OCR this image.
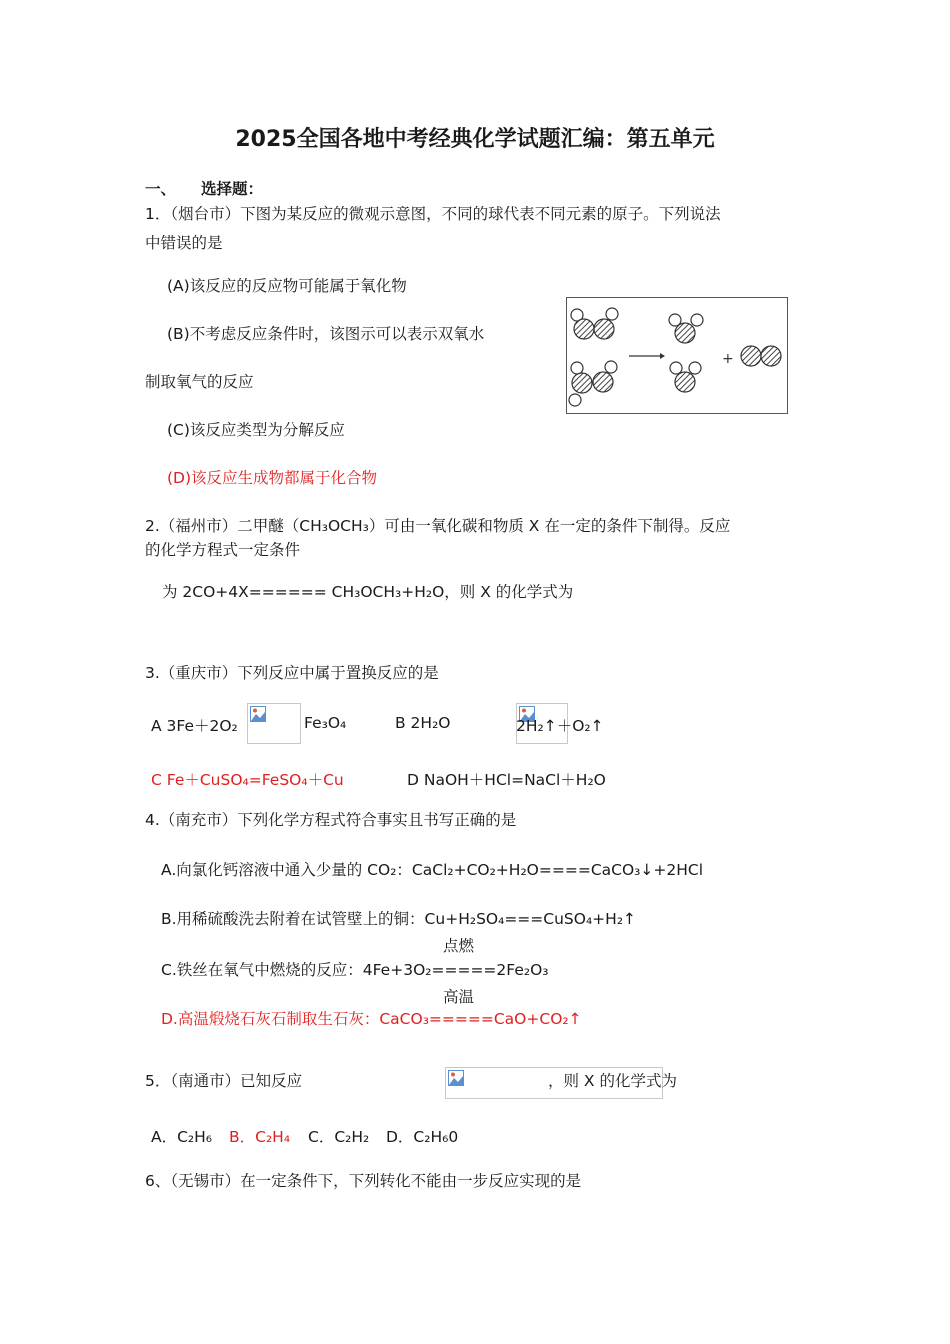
2025全国各地中考经典化学试题汇编：第五单元
一、 选择题：
1．（烟台市）下图为某反应的微观示意图，不同的球代表不同元素的原子。下列说法
中错误的是
(A)该反应的反应物可能属于氧化物
(B)不考虑反应条件时，该图示可以表示双氧水
制取氧气的反应
(C)该反应类型为分解反应
(D)该反应生成物都属于化合物
+
2.（福州市）二甲醚（CH₃OCH₃）可由一氧化碳和物质 X 在一定的条件下制得。反应
的化学方程式一定条件
为 2CO+4X====== CH₃OCH₃+H₂O，则 X 的化学式为
3.（重庆市）下列反应中属于置换反应的是
A 3Fe＋2O₂
	Fe₃O₄	B 2H₂O
	2H₂↑＋O₂↑
C Fe＋CuSO₄=FeSO₄＋Cu	D NaOH＋HCl=NaCl＋H₂O
4.（南充市）下列化学方程式符合事实且书写正确的是
A.向氯化钙溶液中通入少量的 CO₂：CaCl₂+CO₂+H₂O====CaCO₃↓+2HCl
B.用稀硫酸洗去附着在试管壁上的铜：Cu+H₂SO₄===CuSO₄+H₂↑
点燃
C.铁丝在氧气中燃烧的反应：4Fe+3O₂=====2Fe₂O₃
高温
D.高温煅烧石灰石制取生石灰：CaCO₃=====CaO+CO₂↑
5．（南通市）已知反应	，则 X 的化学式为
A．C₂H₆ B．C₂H₄ C．C₂H₂ D．C₂H₆0
6、（无锡市）在一定条件下，下列转化不能由一步反应实现的是
